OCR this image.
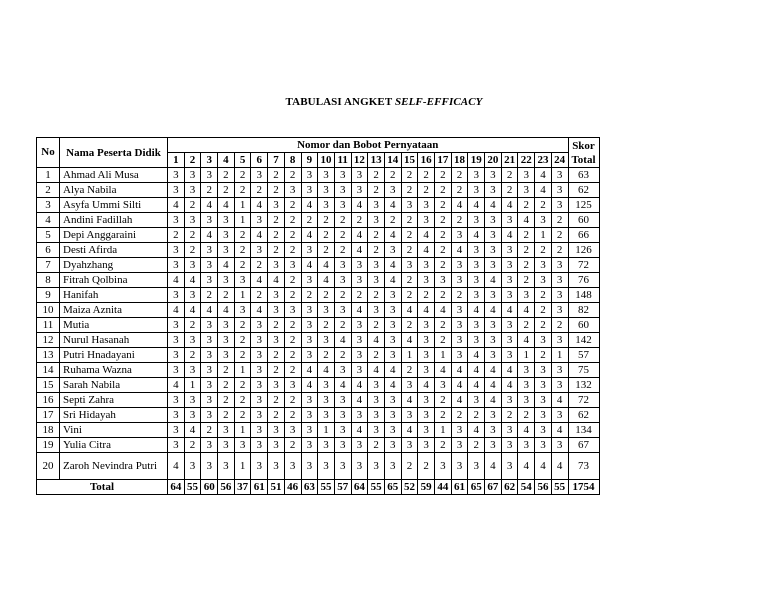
TABULASI ANGKET SELF-EFFICACY
No	Nama Peserta Didik	Nomor dan Bobot Pernyataan																								Skor Total
		1	2	3	4	5	6	7	8	9	10	11	12	13	14	15	16	17	18	19	20	21	22	23	24	
1	Ahmad Ali Musa	3	3	3	2	2	3	2	2	3	3	3	3	2	2	2	2	2	2	3	3	2	3	4	3	63
2	Alya Nabila	3	3	2	2	2	2	2	3	3	3	3	3	2	3	2	2	2	2	3	3	2	3	4	3	62
3	Asyfa Ummi Silti	4	2	4	4	1	4	3	2	4	3	3	4	3	4	3	3	2	4	4	4	4	2	2	3	125
4	Andini Fadillah	3	3	3	3	1	3	2	2	2	2	2	2	3	2	2	3	2	2	3	3	3	4	3	2	60
5	Depi Anggaraini	2	2	4	3	2	4	2	2	4	2	2	4	2	4	2	4	2	3	4	3	4	2	1	2	66
6	Desti Afirda	3	2	3	3	2	3	2	2	3	2	2	4	2	3	2	4	2	4	3	3	3	2	2	2	126
7	Dyahzhang	3	3	3	4	2	2	3	3	4	4	3	3	3	4	3	3	2	3	3	3	3	2	3	3	72
8	Fitrah Qolbina	4	4	3	3	3	4	4	2	3	4	3	3	3	4	2	3	3	3	3	4	3	2	3	3	76
9	Hanifah	3	3	2	2	1	2	3	2	2	2	2	2	2	3	2	2	2	2	3	3	3	3	2	3	148
10	Maiza Aznita	4	4	4	4	3	4	3	3	3	3	3	4	3	3	4	4	4	3	4	4	4	4	2	3	82
11	Mutia	3	2	3	3	2	3	2	2	3	2	2	3	2	3	2	3	2	3	3	3	3	2	2	2	60
12	Nurul Hasanah	3	3	3	3	2	3	3	2	3	3	4	3	4	3	4	3	2	3	3	3	3	4	3	3	142
13	Putri Hnadayani	3	2	3	3	2	3	2	2	3	2	2	3	2	3	1	3	1	3	4	3	3	1	2	1	57
14	Ruhama Wazna	3	3	3	2	1	3	2	2	4	4	3	3	4	4	2	3	4	4	4	4	4	3	3	3	75
15	Sarah Nabila	4	1	3	2	2	3	3	3	4	3	4	4	3	4	3	4	3	4	4	4	4	3	3	3	132
16	Septi Zahra	3	3	3	2	2	3	2	2	3	3	3	4	3	3	4	3	2	4	3	4	3	3	3	4	72
17	Sri Hidayah	3	3	3	2	2	3	2	2	3	3	3	3	3	3	3	3	2	2	2	3	2	2	3	3	62
18	Vini	3	4	2	3	1	3	3	3	3	1	3	4	3	3	4	3	1	3	4	3	3	4	3	4	134
19	Yulia Citra	3	2	3	3	3	3	3	2	3	3	3	3	2	3	3	3	2	3	2	3	3	3	3	3	67
20	Zaroh Nevindra Putri	4	3	3	3	1	3	3	3	3	3	3	3	3	3	2	2	3	3	3	4	3	4	4	4	73
Total		64	55	60	56	37	61	51	46	63	55	57	64	55	65	52	59	44	61	65	67	62	54	56	55	1754
